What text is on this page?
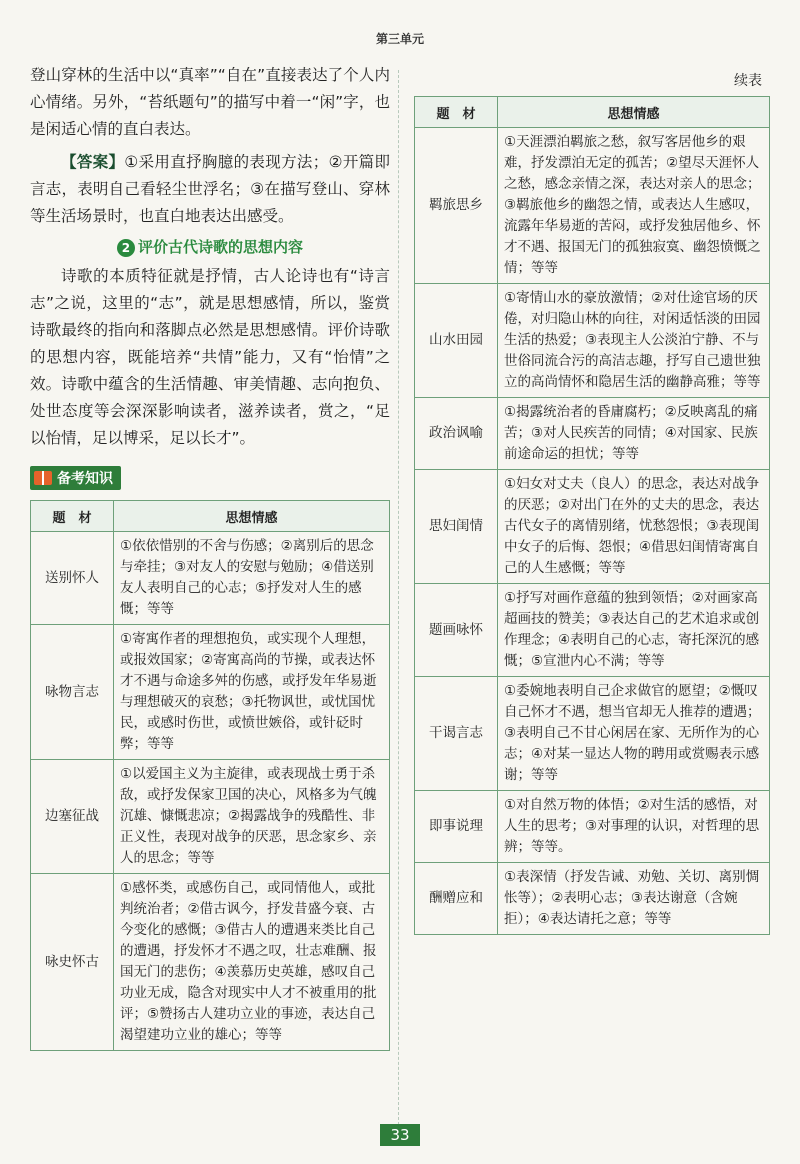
第三单元

登山穿林的生活中以“真率”“自在”直接表达了个人内心情绪。另外，“苔纸题句”的描写中着一“闲”字，也是闲适心情的直白表达。

【答案】①采用直抒胸臆的表现方法；②开篇即言志，表明自己看轻尘世浮名；③在描写登山、穿林等生活场景时，也直白地表达出感受。

2 评价古代诗歌的思想内容

诗歌的本质特征就是抒情，古人论诗也有“诗言志”之说，这里的“志”，就是思想感情，所以，鉴赏诗歌最终的指向和落脚点必然是思想感情。评价诗歌的思想内容，既能培养“共情”能力，又有“怡情”之效。诗歌中蕴含的生活情趣、审美情趣、志向抱负、处世态度等会深深影响读者，滋养读者，赏之，“足以怡情，足以博采，足以长才”。

备考知识
题　材	思想情感
送别怀人	①依依惜别的不舍与伤感；②离别后的思念与牵挂；③对友人的安慰与勉励；④借送别友人表明自己的心志；⑤抒发对人生的感慨；等等
咏物言志	①寄寓作者的理想抱负，或实现个人理想，或报效国家；②寄寓高尚的节操，或表达怀才不遇与命途多舛的伤感，或抒发年华易逝与理想破灭的哀愁；③托物讽世，或忧国忧民，或感时伤世，或愤世嫉俗，或针砭时弊；等等
边塞征战	①以爱国主义为主旋律，或表现战士勇于杀敌，或抒发保家卫国的决心，风格多为气魄沉雄、慷慨悲凉；②揭露战争的残酷性、非正义性，表现对战争的厌恶，思念家乡、亲人的思念；等等
咏史怀古	①感怀类，或感伤自己，或同情他人，或批判统治者；②借古讽今，抒发昔盛今衰、古今变化的感慨；③借古人的遭遇来类比自己的遭遇，抒发怀才不遇之叹，壮志难酬、报国无门的悲伤；④羡慕历史英雄，感叹自己功业无成，隐含对现实中人才不被重用的批评；⑤赞扬古人建功立业的事迹，表达自己渴望建功立业的雄心；等等
续表
题　材	思想情感
羁旅思乡	①天涯漂泊羁旅之愁，叙写客居他乡的艰难，抒发漂泊无定的孤苦；②望尽天涯怀人之愁，感念亲情之深，表达对亲人的思念；③羁旅他乡的幽怨之情，或表达人生感叹，流露年华易逝的苦闷，或抒发独居他乡、怀才不遇、报国无门的孤独寂寞、幽怨愤慨之情；等等
山水田园	①寄情山水的豪放激情；②对仕途官场的厌倦，对归隐山林的向往，对闲适恬淡的田园生活的热爱；③表现主人公淡泊宁静、不与世俗同流合污的高洁志趣，抒写自己遗世独立的高尚情怀和隐居生活的幽静高雅；等等
政治讽喻	①揭露统治者的昏庸腐朽；②反映离乱的痛苦；③对人民疾苦的同情；④对国家、民族前途命运的担忧；等等
思妇闺情	①妇女对丈夫（良人）的思念，表达对战争的厌恶；②对出门在外的丈夫的思念，表达古代女子的离情别绪，忧愁怨恨；③表现闺中女子的后悔、怨恨；④借思妇闺情寄寓自己的人生感慨；等等
题画咏怀	①抒写对画作意蕴的独到领悟；②对画家高超画技的赞美；③表达自己的艺术追求或创作理念；④表明自己的心志，寄托深沉的感慨；⑤宣泄内心不满；等等
干谒言志	①委婉地表明自己企求做官的愿望；②慨叹自己怀才不遇，想当官却无人推荐的遭遇；③表明自己不甘心闲居在家、无所作为的心志；④对某一显达人物的聘用或赏赐表示感谢；等等
即事说理	①对自然万物的体悟；②对生活的感悟，对人生的思考；③对事理的认识，对哲理的思辨；等等。
酬赠应和	①表深情（抒发告诫、劝勉、关切、离别惆怅等）；②表明心志；③表达谢意（含婉拒）；④表达请托之意；等等
33
